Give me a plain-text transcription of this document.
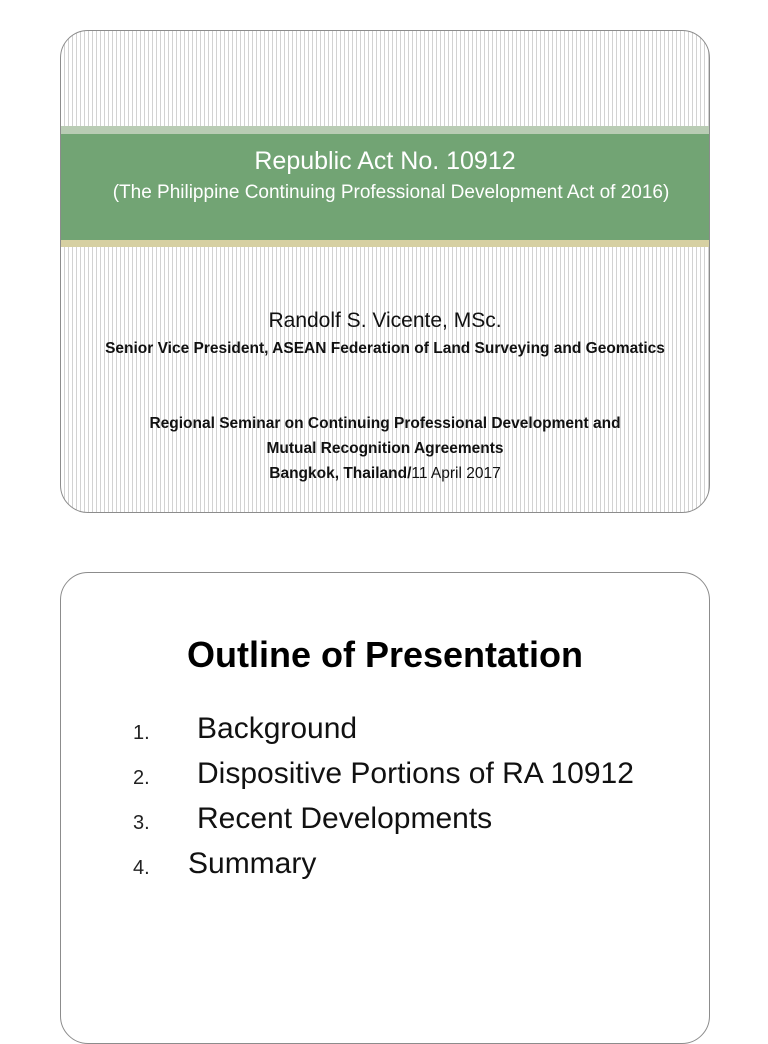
Republic Act No. 10912
(The Philippine Continuing Professional Development Act of 2016)
Randolf S. Vicente, MSc.
Senior Vice President, ASEAN Federation of Land Surveying and Geomatics
Regional Seminar on Continuing Professional Development and
Mutual Recognition Agreements
Bangkok, Thailand/11 April 2017
Outline of Presentation
1. Background
2. Dispositive Portions of RA 10912
3. Recent Developments
4. Summary
